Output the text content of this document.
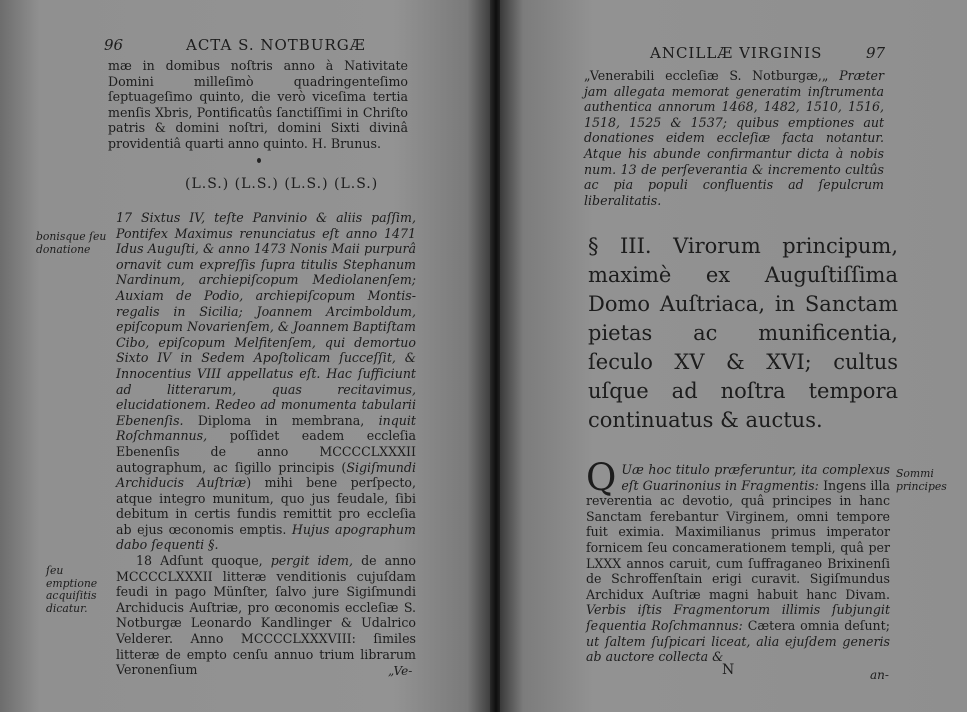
96	ACTA S. NOTBURGÆ

mæ in domibus noſtris anno à Nativitate Domini milleſimò quadringenteſimo ſeptuageſimo quinto, die verò viceſima tertia menſis Xbris, Pontificatûs ſanctiſſimi in Chriſto patris & domini noſtri, domini Sixti divinâ providentiâ quarti anno quinto. H. Brunus.

(L.S.) (L.S.) (L.S.) (L.S.)
bonisque ſeu donatione

17 Sixtus IV, teſte Panvinio & aliis paſſim, Pontifex Maximus renunciatus eſt anno 1471 Idus Auguſti, & anno 1473 Nonis Maii purpurâ ornavit cum expreſſis ſupra titulis Stephanum Nardinum, archiepiſcopum Mediolanenſem; Auxiam de Podio, archiepiſcopum Montis-regalis in Sicilia; Joannem Arcimboldum, epiſcopum Novarienſem, & Joannem Baptiſtam Cibo, epiſcopum Melfitenſem, qui demortuo Sixto IV in Sedem Apoſtolicam ſucceſſit, & Innocentius VIII appellatus eſt. Hac ſufficiunt ad litterarum, quas recitavimus, elucidationem. Redeo ad monumenta tabularii Ebenenſis. Diploma in membrana, inquit Roſchmannus, poſſidet eadem eccleſia Ebenenſis de anno MCCCCLXXXII autographum, ac ſigillo principis (Sigiſmundi Archiducis Auſtriæ) mihi bene perſpecto, atque integro munitum, quo jus feudale, ſibi debitum in certis fundis remittit pro eccleſia ab ejus œconomis emptis. Hujus apographum dabo ſequenti §.

18 Adſunt quoque, pergit idem, de anno MCCCCLXXXII litteræ venditionis cujuſdam feudi in pago Münſter, ſalvo jure Sigiſmundi Archiducis Auſtriæ, pro œconomis eccleſiæ S. Notburgæ Leonardo Kandlinger & Udalrico Velderer. Anno MCCCCLXXXVIII: ſimiles litteræ de empto cenſu annuo trium librarum Veronenſium

ſeu emptione acquiſitis dicatur.
„Ve-
ANCILLÆ VIRGINIS	97

„Venerabili eccleſiæ S. Notburgæ,„ Præter jam allegata memorat generatim inſtrumenta authentica annorum 1468, 1482, 1510, 1516, 1518, 1525 & 1537; quibus emptiones aut donationes eidem eccleſiæ facta notantur. Atque his abunde confirmantur dicta à nobis num. 13 de perſeverantia & incremento cultûs ac pia populi confluentis ad ſepulcrum liberalitatis.

§ III. Virorum principum, maximè ex Auguſtiſſima Domo Auſtriaca, in Sanctam pietas ac munificentia, ſeculo XV & XVI; cultus uſque ad noſtra tempora continuatus & auctus.
Sommi principes

Q Uæ hoc titulo præferuntur, ita complexus eſt Guarinonius in Fragmentis: Ingens illa reverentia ac devotio, quâ principes in hanc Sanctam ferebantur Virginem, omni tempore fuit eximia. Maximilianus primus imperator fornicem ſeu concamerationem templi, quâ per LXXX annos caruit, cum ſuffraganeo Brixinenſi de Schroffenſtain erigi curavit. Sigiſmundus Archidux Auſtriæ magni habuit hanc Divam. Verbis iſtis Fragmentorum illimis ſubjungit ſequentia Roſchmannus: Cætera omnia deſunt; ut ſaltem ſuſpicari liceat, alia ejuſdem generis ab auctore collecta &

N	an-
